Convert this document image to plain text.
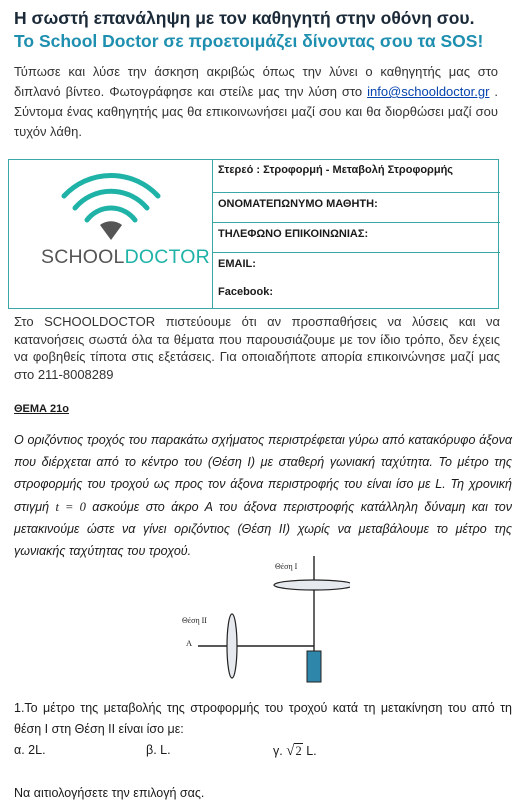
Η σωστή επανάληψη με τον καθηγητή στην οθόνη σου.
Το School Doctor σε προετοιμάζει δίνοντας σου τα SOS!
Τύπωσε και λύσε την άσκηση ακριβώς όπως την λύνει ο καθηγητής μας στο διπλανό βίντεο. Φωτογράφησε και στείλε μας την λύση στο info@schooldoctor.gr . Σύντομα ένας καθηγητής μας θα επικοινωνήσει μαζί σου και θα διορθώσει μαζί σου τυχόν λάθη.
SCHOOLDOCTOR
Στερεό : Στροφορμή - Μεταβολή Στροφορμής
ΟΝΟΜΑΤΕΠΩΝΥΜΟ ΜΑΘΗΤΗ:
ΤΗΛΕΦΩΝΟ ΕΠΙΚΟΙΝΩΝΙΑΣ:
EMAIL:
Facebook:
Στο SCHOOLDOCTOR πιστεύουμε ότι αν προσπαθήσεις να λύσεις και να κατανοήσεις σωστά όλα τα θέματα που παρουσιάζουμε με τον ίδιο τρόπο, δεν έχεις να φοβηθείς τίποτα στις εξετάσεις. Για οποιαδήποτε απορία επικοινώνησε μαζί μας στο 211-8008289
ΘΕΜΑ 21ο
Ο οριζόντιος τροχός του παρακάτω σχήματος περιστρέφεται γύρω από κατακόρυφο άξονα που διέρχεται από το κέντρο του (Θέση Ι) με σταθερή γωνιακή ταχύτητα. Το μέτρο της στροφορμής του τροχού ως προς τον άξονα περιστροφής του είναι ίσο με L. Τη χρονική στιγμή t = 0 ασκούμε στο άκρο Α του άξονα περιστροφής κατάλληλη δύναμη και τον μετακινούμε ώστε να γίνει οριζόντιος (Θέση ΙΙ) χωρίς να μεταβάλουμε το μέτρο της γωνιακής ταχύτητας του τροχού.
Θέση Ι
Θέση ΙΙ
A
1.Το μέτρο της μεταβολής της στροφορμής του τροχού κατά τη μετακίνηση του από τη θέση Ι στη Θέση ΙΙ είναι ίσο με:
α. 2L.	β. L.	γ. √2 L.
Να αιτιολογήσετε την επιλογή σας.
